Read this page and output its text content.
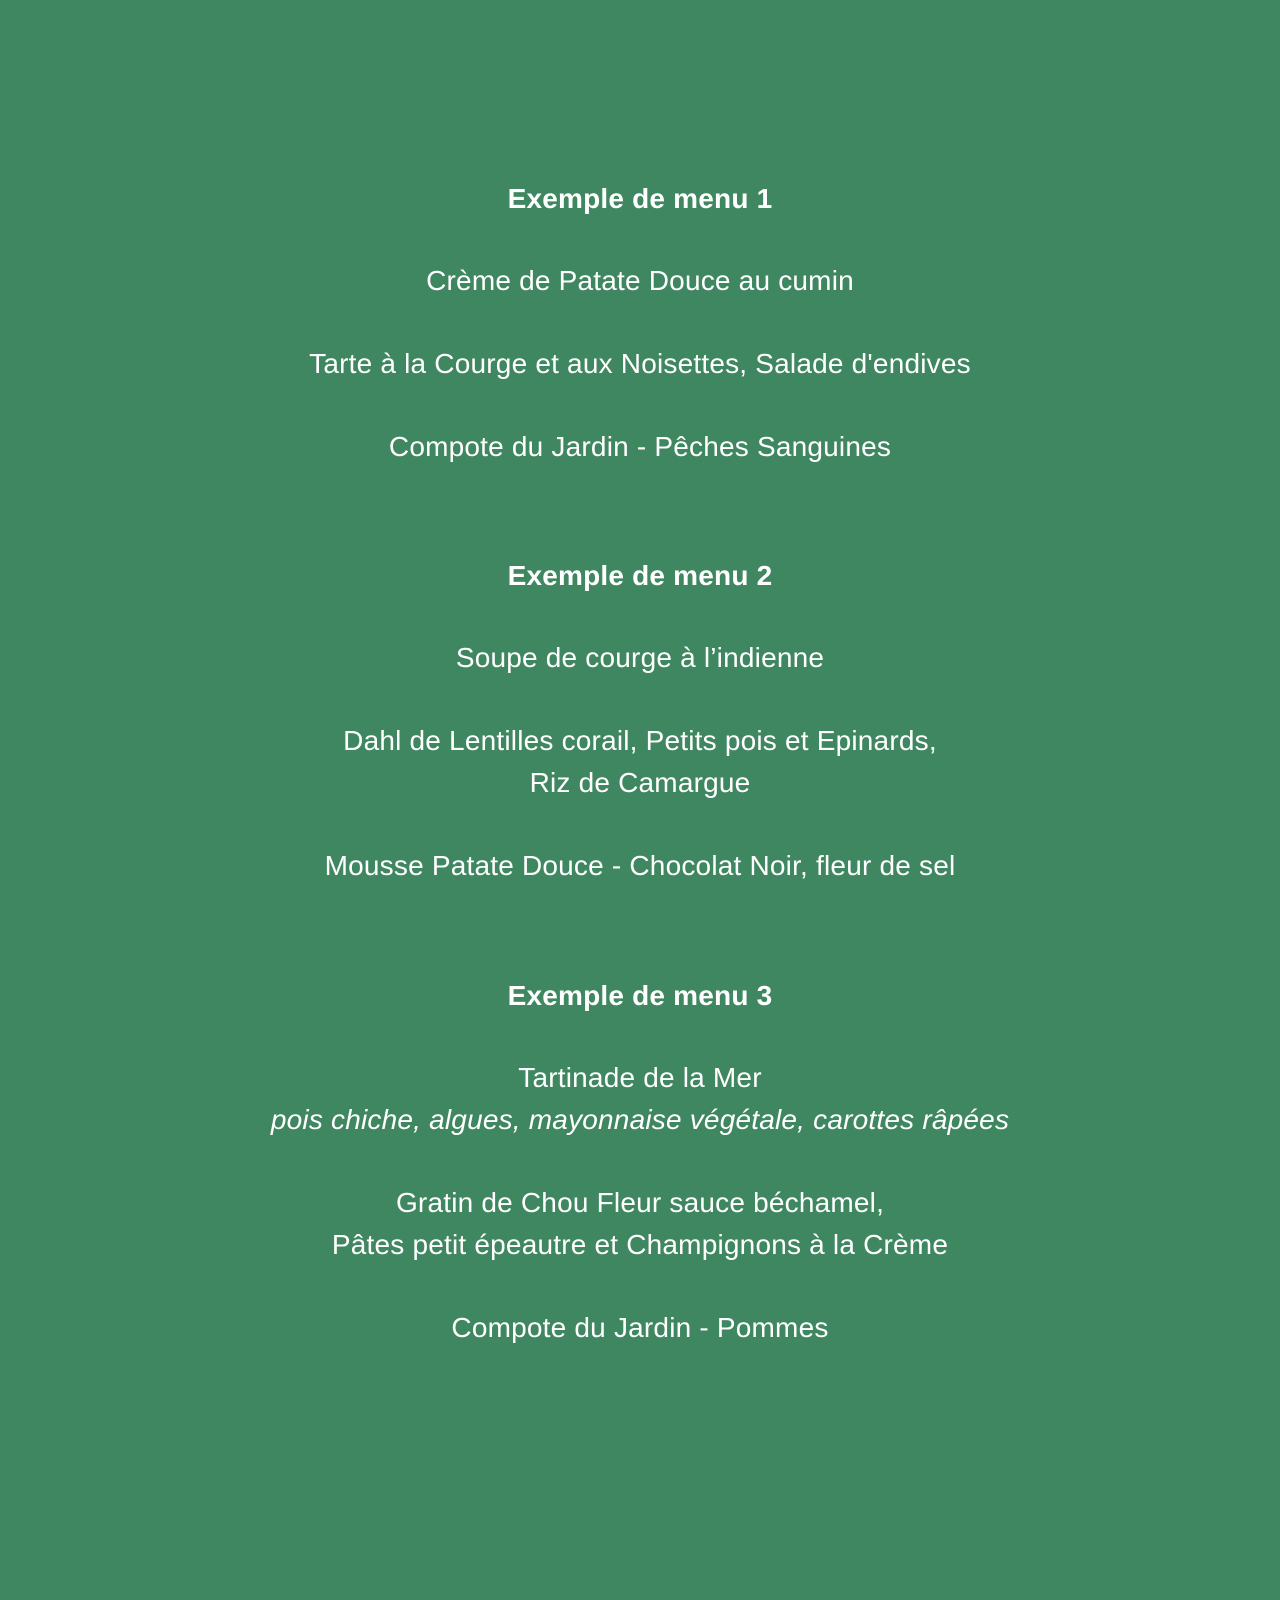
Exemple de menu 1

Crème de Patate Douce au cumin

Tarte à la Courge et aux Noisettes, Salade d'endives

Compote du Jardin - Pêches Sanguines

Exemple de menu 2

Soupe de courge à l’indienne

Dahl de Lentilles corail, Petits pois et Epinards,
Riz de Camargue

Mousse Patate Douce - Chocolat Noir, fleur de sel

Exemple de menu 3

Tartinade de la Mer
pois chiche, algues, mayonnaise végétale, carottes râpées

Gratin de Chou Fleur sauce béchamel,
Pâtes petit épeautre et Champignons à la Crème

Compote du Jardin - Pommes
